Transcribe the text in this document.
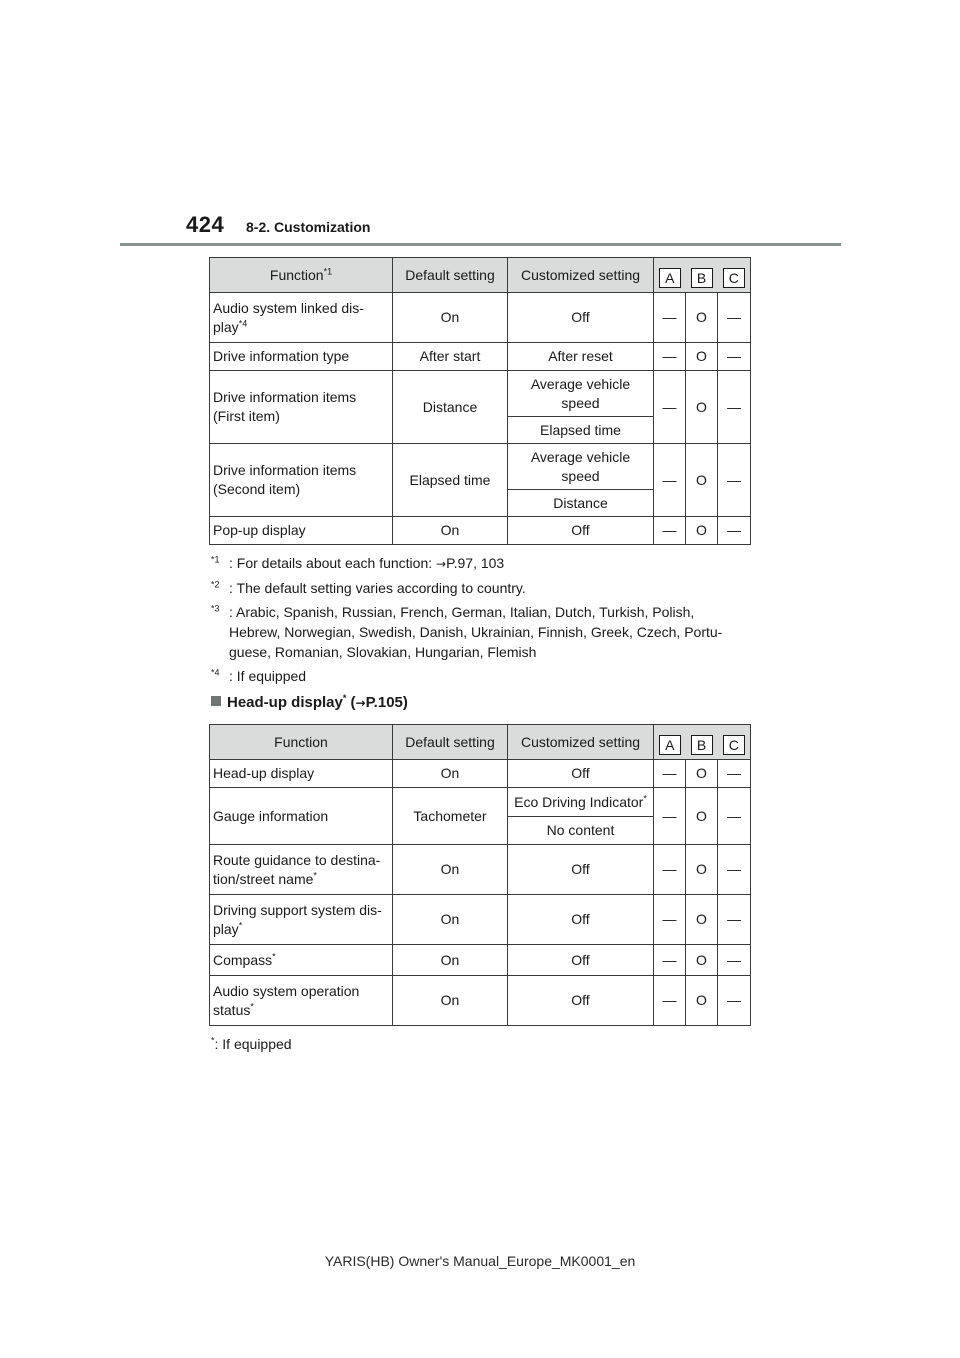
424 8-2. Customization
Function$^{*1}$	Default setting	Customized setting	A	B	C

Audio system linked dis-
play$^{*4}$	On	Off	—	O	—
Drive information type	After start	After reset	—	O	—

Drive information items
(First item)	Distance	Average vehicle
speed	—	O	—
		Elapsed time			

Drive information items
(Second item)	Elapsed time	Average vehicle
speed	—	O	—
		Distance			
Pop-up display	On	Off	—	O	—
$^{*1}$ : For details about each function: →P.97, 103
$^{*2}$ : The default setting varies according to country.
$^{*3}$ : Arabic, Spanish, Russian, French, German, Italian, Dutch, Turkish, Polish, Hebrew, Norwegian, Swedish, Danish, Ukrainian, Finnish, Greek, Czech, Portu-guese, Romanian, Slovakian, Hungarian, Flemish
$^{*4}$ : If equipped
Head-up display* (→P.105)
Function	Default setting	Customized setting	A	B	C
Head-up display	On	Off	—	O	—
Gauge information	Tachometer	Eco Driving Indicator*	—	O	—
		No content			

Route guidance to destina-
tion/street name*	On	Off	—	O	—

Driving support system dis-
play*	On	Off	—	O	—
Compass*	On	Off	—	O	—

Audio system operation
status*	On	Off	—	O	—
*: If equipped
YARIS(HB) Owner's Manual_Europe_MK0001_en
